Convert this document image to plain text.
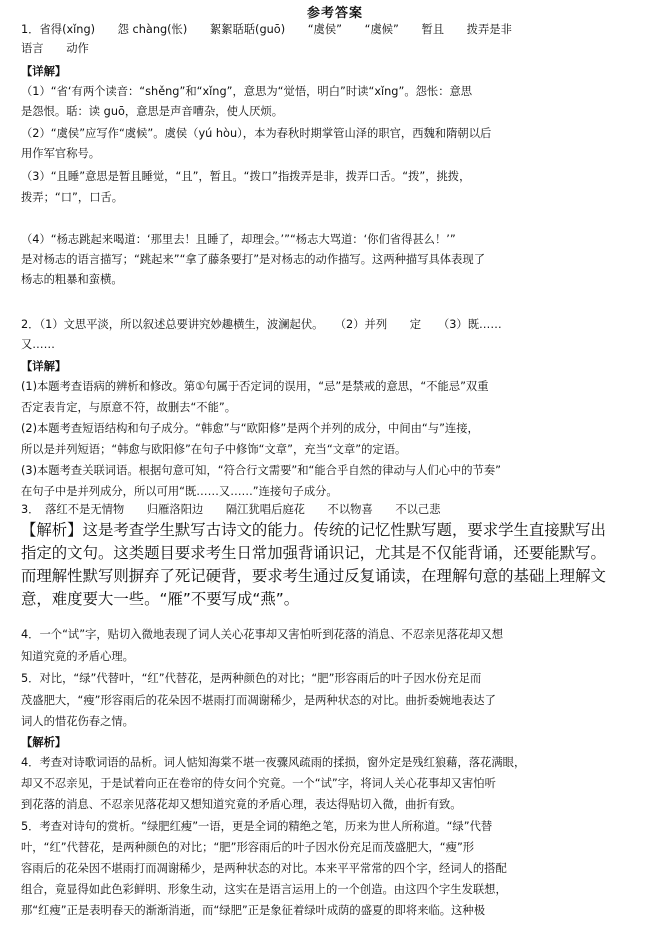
参考答案
1．省得(xǐng)　　怨 chàng(怅)　　絮絮聒聒(guō)　　“虞侯”　　“虞候”　　暂且　　拨弄是非
语言　　动作
【详解】
（1）“省‘有两个读音：“shěng”和“xǐng”，意思为“觉悟，明白”时读“xǐng”。怨怅：意思
是怨恨。聒：读 guō，意思是声音嘈杂，使人厌烦。
（2）“虞侯”应写作“虞候”。虞侯（yú hòu），本为春秋时期掌管山泽的职官，西魏和隋朝以后
用作军官称号。
（3）“且睡”意思是暂且睡觉，“且”，暂且。“拨口”指拨弄是非，拨弄口舌。“拨”，挑拨，
拨弄；“口”，口舌。
（4）“杨志跳起来喝道：‘那里去！且睡了，却理会。’”“杨志大骂道：‘你们省得甚么！’”
是对杨志的语言描写；“跳起来”“拿了藤条要打”是对杨志的动作描写。这两种描写具体表现了
杨志的粗暴和蛮横。
2．（1）文思平淡，所以叙述总要讲究妙趣横生，波澜起伏。　　（2）并列　　定　　（3）既……
又……
【详解】
(1)本题考查语病的辨析和修改。第①句属于否定词的误用，“忌”是禁戒的意思，“不能忌”双重
否定表肯定，与原意不符，故删去“不能”。
(2)本题考查短语结构和句子成分。“韩愈”与“欧阳修”是两个并列的成分，中间由“与”连接，
所以是并列短语；“韩愈与欧阳修”在句子中修饰“文章”，充当“文章”的定语。
(3)本题考查关联词语。根据句意可知，“符合行文需要”和“能合乎自然的律动与人们心中的节奏”
在句子中是并列成分，所以可用“既……又……”连接句子成分。
3．　落红不是无情物　　归雁洛阳边　　隔江犹唱后庭花　　不以物喜　　不以己悲
【解析】这是考查学生默写古诗文的能力。传统的记忆性默写题，要求学生直接默写出
指定的文句。这类题目要求考生日常加强背诵识记，尤其是不仅能背诵，还要能默写。
而理解性默写则摒弃了死记硬背，要求考生通过反复诵读，在理解句意的基础上理解文
意，难度要大一些。“雁”不要写成“燕”。
4．一个“试”字，贴切入微地表现了词人关心花事却又害怕听到花落的消息、不忍亲见落花却又想
知道究竟的矛盾心理。
5．对比，“绿”代替叶，“红”代替花，是两种颜色的对比；“肥”形容雨后的叶子因水份充足而
茂盛肥大，“瘦”形容雨后的花朵因不堪雨打而凋谢稀少，是两种状态的对比。曲折委婉地表达了
词人的惜花伤春之情。
【解析】
4．考查对诗歌词语的品析。词人惦知海棠不堪一夜骤风疏雨的揉损，窗外定是残红狼藉，落花满眼，
却又不忍亲见，于是试着向正在卷帘的侍女问个究竟。一个“试”字，将词人关心花事却又害怕听
到花落的消息、不忍亲见落花却又想知道究竟的矛盾心理，表达得贴切入微，曲折有致。
5．考查对诗句的赏析。“绿肥红瘦”一语，更是全词的精绝之笔，历来为世人所称道。“绿”代替
叶，“红”代替花，是两种颜色的对比；“肥”形容雨后的叶子因水份充足而茂盛肥大，“瘦”形
容雨后的花朵因不堪雨打而凋谢稀少，是两种状态的对比。本来平平常常的四个字，经词人的搭配
组合，竟显得如此色彩鲜明、形象生动，这实在是语言运用上的一个创造。由这四个字生发联想，
那“红瘦”正是表明春天的渐渐消逝，而“绿肥”正是象征着绿叶成荫的盛夏的即将来临。这种极
